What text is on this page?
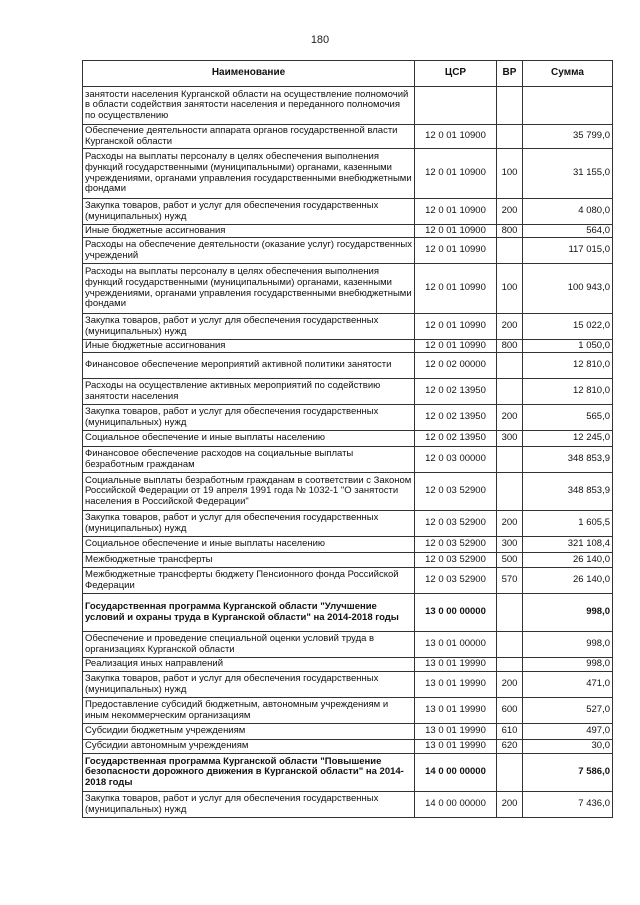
180
Наименование	ЦСР	ВР	Сумма
занятости населения Курганской области на осуществление полномочий в области содействия занятости населения и переданного полномочия по осуществлению			
Обеспечение деятельности аппарата органов государственной власти Курганской области	12 0 01 10900		35 799,0
Расходы на выплаты персоналу в целях обеспечения выполнения функций государственными (муниципальными) органами, казенными учреждениями, органами управления государственными внебюджетными фондами	12 0 01 10900	100	31 155,0
Закупка товаров, работ и услуг для обеспечения государственных (муниципальных) нужд	12 0 01 10900	200	4 080,0
Иные бюджетные ассигнования	12 0 01 10900	800	564,0
Расходы на обеспечение деятельности (оказание услуг) государственных учреждений	12 0 01 10990		117 015,0
Расходы на выплаты персоналу в целях обеспечения выполнения функций государственными (муниципальными) органами, казенными учреждениями, органами управления государственными внебюджетными фондами	12 0 01 10990	100	100 943,0
Закупка товаров, работ и услуг для обеспечения государственных (муниципальных) нужд	12 0 01 10990	200	15 022,0
Иные бюджетные ассигнования	12 0 01 10990	800	1 050,0
Финансовое обеспечение мероприятий активной политики занятости	12 0 02 00000		12 810,0
Расходы на осуществление активных мероприятий по содействию занятости населения	12 0 02 13950		12 810,0
Закупка товаров, работ и услуг для обеспечения государственных (муниципальных) нужд	12 0 02 13950	200	565,0
Социальное обеспечение и иные выплаты населению	12 0 02 13950	300	12 245,0
Финансовое обеспечение расходов на социальные выплаты безработным гражданам	12 0 03 00000		348 853,9
Социальные выплаты безработным гражданам в соответствии с Законом Российской Федерации от 19 апреля 1991 года № 1032-1 "О занятости населения в Российской Федерации"	12 0 03 52900		348 853,9
Закупка товаров, работ и услуг для обеспечения государственных (муниципальных) нужд	12 0 03 52900	200	1 605,5
Социальное обеспечение и иные выплаты населению	12 0 03 52900	300	321 108,4
Межбюджетные трансферты	12 0 03 52900	500	26 140,0
Межбюджетные трансферты бюджету Пенсионного фонда Российской Федерации	12 0 03 52900	570	26 140,0
Государственная программа Курганской области "Улучшение условий и охраны труда в Курганской области" на 2014-2018 годы	13 0 00 00000		998,0
Обеспечение и проведение специальной оценки условий труда в организациях Курганской области	13 0 01 00000		998,0
Реализация иных направлений	13 0 01 19990		998,0
Закупка товаров, работ и услуг для обеспечения государственных (муниципальных) нужд	13 0 01 19990	200	471,0
Предоставление субсидий бюджетным, автономным учреждениям и иным некоммерческим организациям	13 0 01 19990	600	527,0
Субсидии бюджетным учреждениям	13 0 01 19990	610	497,0
Субсидии автономным учреждениям	13 0 01 19990	620	30,0
Государственная программа Курганской области "Повышение безопасности дорожного движения в Курганской области" на 2014-2018 годы	14 0 00 00000		7 586,0
Закупка товаров, работ и услуг для обеспечения государственных (муниципальных) нужд	14 0 00 00000	200	7 436,0
